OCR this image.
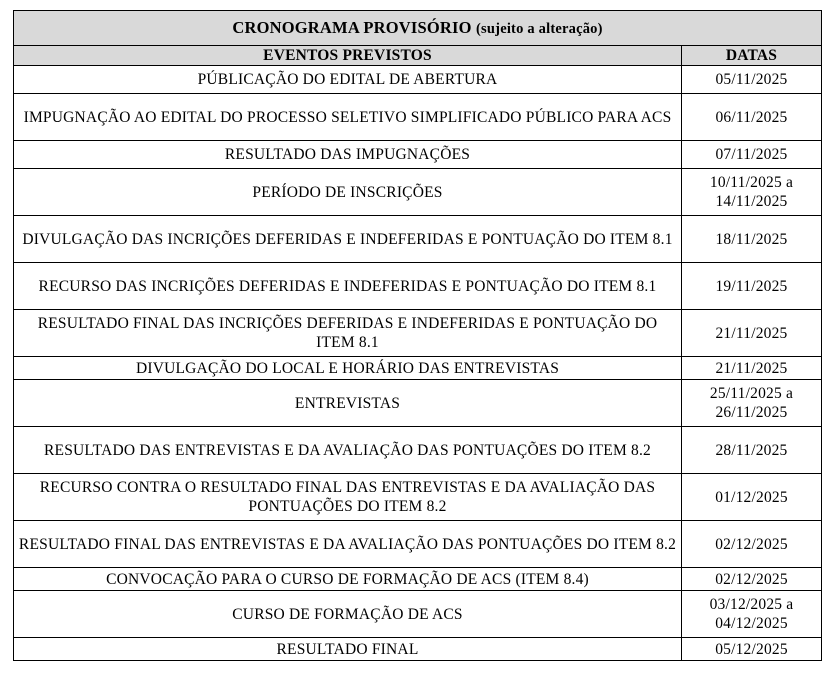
CRONOGRAMA PROVISÓRIO (sujeito a alteração)	
EVENTOS PREVISTOS	DATAS
PÚBLICAÇÃO DO EDITAL DE ABERTURA	05/11/2025
IMPUGNAÇÃO AO EDITAL DO PROCESSO SELETIVO SIMPLIFICADO PÚBLICO PARA ACS	06/11/2025
RESULTADO DAS IMPUGNAÇÕES	07/11/2025
PERÍODO DE INSCRIÇÕES	10/11/2025 a 14/11/2025
DIVULGAÇÃO DAS INCRIÇÕES DEFERIDAS E INDEFERIDAS E PONTUAÇÃO DO ITEM 8.1	18/11/2025
RECURSO DAS INCRIÇÕES DEFERIDAS E INDEFERIDAS E PONTUAÇÃO DO ITEM 8.1	19/11/2025
RESULTADO FINAL DAS INCRIÇÕES DEFERIDAS E INDEFERIDAS E PONTUAÇÃO DO ITEM 8.1	21/11/2025
DIVULGAÇÃO DO LOCAL E HORÁRIO DAS ENTREVISTAS	21/11/2025
ENTREVISTAS	25/11/2025 a 26/11/2025
RESULTADO DAS ENTREVISTAS E DA AVALIAÇÃO DAS PONTUAÇÕES DO ITEM 8.2	28/11/2025
RECURSO CONTRA O RESULTADO FINAL DAS ENTREVISTAS E DA AVALIAÇÃO DAS PONTUAÇÕES DO ITEM 8.2	01/12/2025
RESULTADO FINAL DAS ENTREVISTAS E DA AVALIAÇÃO DAS PONTUAÇÕES DO ITEM 8.2	02/12/2025
CONVOCAÇÃO PARA O CURSO DE FORMAÇÃO DE ACS (ITEM 8.4)	02/12/2025
CURSO DE FORMAÇÃO DE ACS	03/12/2025 a 04/12/2025
RESULTADO FINAL	05/12/2025
